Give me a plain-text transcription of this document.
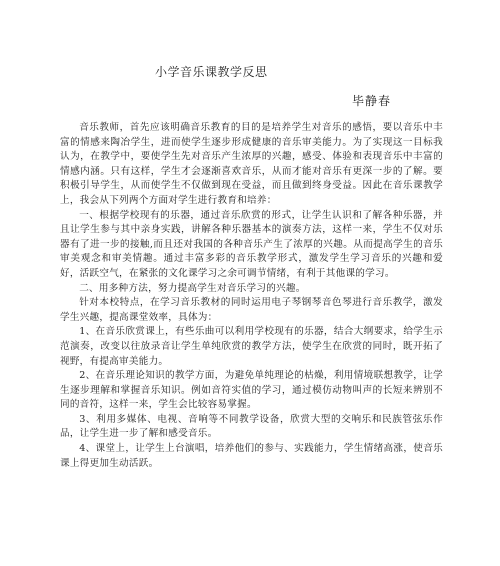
小学音乐课教学反思
毕静春

音乐教师，首先应该明确音乐教育的目的是培养学生对音乐的感悟，要以音乐中丰富的情感来陶冶学生，进而使学生逐步形成健康的音乐审美能力。为了实现这一目标我认为，在教学中，要使学生先对音乐产生浓厚的兴趣，感受、体验和表现音乐中丰富的情感内涵。只有这样，学生才会逐渐喜欢音乐，从而才能对音乐有更深一步的了解。要积极引导学生，从而使学生不仅做到现在受益，而且做到终身受益。因此在音乐课教学上，我会从下列两个方面对学生进行教育和培养：

一、根据学校现有的乐器，通过音乐欣赏的形式，让学生认识和了解各种乐器，并且让学生参与其中亲身实践，讲解各种乐器基本的演奏方法，这样一来，学生不仅对乐器有了进一步的接触,而且还对我国的各种音乐产生了浓厚的兴趣。从而提高学生的音乐审美观念和审美情趣。通过丰富多彩的音乐教学形式，激发学生学习音乐的兴趣和爱好，活跃空气，在紧张的文化课学习之余可调节情绪，有利于其他课的学习。

二、用多种方法，努力提高学生对音乐学习的兴趣。

针对本校特点，在学习音乐教材的同时运用电子琴钢琴音色琴进行音乐教学，激发学生兴趣，提高课堂效率，具体为：

1、在音乐欣赏课上，有些乐曲可以利用学校现有的乐器，结合大纲要求，给学生示范演奏，改变以往放录音让学生单纯欣赏的教学方法，使学生在欣赏的同时，既开拓了视野，有提高审美能力。

2、在音乐理论知识的教学方面，为避免单纯理论的枯燥，利用情境联想教学，让学生逐步理解和掌握音乐知识。例如音符实值的学习，通过模仿动物叫声的长短来辨别不同的音符，这样一来，学生会比较容易掌握。

3、利用多媒体、电视、音响等不同教学设备，欣赏大型的交响乐和民族管弦乐作品，让学生进一步了解和感受音乐。

4、课堂上，让学生上台演唱，培养他们的参与、实践能力，学生情绪高涨，使音乐课上得更加生动活跃。
